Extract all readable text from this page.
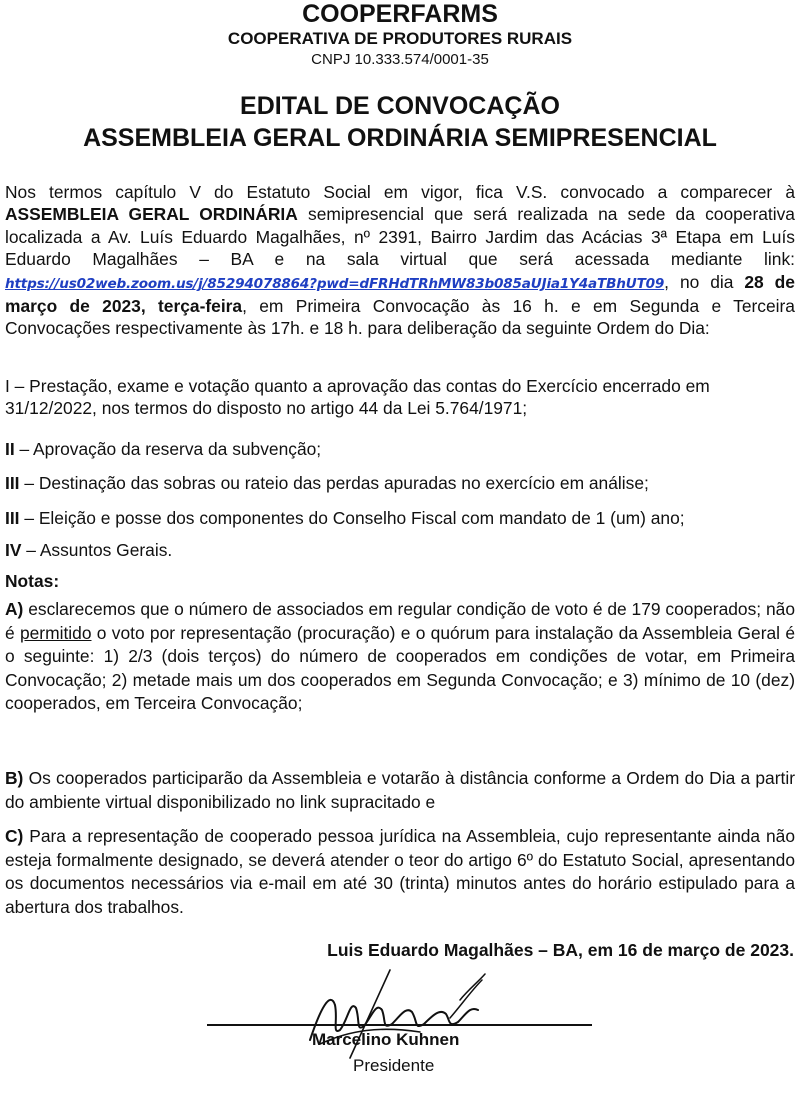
COOPERFARMS
COOPERATIVA DE PRODUTORES RURAIS
CNPJ 10.333.574/0001-35
EDITAL DE CONVOCAÇÃO
ASSEMBLEIA GERAL ORDINÁRIA SEMIPRESENCIAL
Nos termos capítulo V do Estatuto Social em vigor, fica V.S. convocado a comparecer à ASSEMBLEIA GERAL ORDINÁRIA semipresencial que será realizada na sede da cooperativa localizada a Av. Luís Eduardo Magalhães, nº 2391, Bairro Jardim das Acácias 3ª Etapa em Luís Eduardo Magalhães – BA e na sala virtual que será acessada mediante link: https://us02web.zoom.us/j/85294078864?pwd=dFRHdTRhMW83b085aUJia1Y4aTBhUT09, no dia 28 de março de 2023, terça-feira, em Primeira Convocação às 16 h. e em Segunda e Terceira Convocações respectivamente às 17h. e 18 h. para deliberação da seguinte Ordem do Dia:
I – Prestação, exame e votação quanto a aprovação das contas do Exercício encerrado em 31/12/2022, nos termos do disposto no artigo 44 da Lei 5.764/1971;
II – Aprovação da reserva da subvenção;
III – Destinação das sobras ou rateio das perdas apuradas no exercício em análise;
III – Eleição e posse dos componentes do Conselho Fiscal com mandato de 1 (um) ano;
IV – Assuntos Gerais.
Notas:
A) esclarecemos que o número de associados em regular condição de voto é de 179 cooperados; não é permitido o voto por representação (procuração) e o quórum para instalação da Assembleia Geral é o seguinte: 1) 2/3 (dois terços) do número de cooperados em condições de votar, em Primeira Convocação; 2) metade mais um dos cooperados em Segunda Convocação; e 3) mínimo de 10 (dez) cooperados, em Terceira Convocação;
B) Os cooperados participarão da Assembleia e votarão à distância conforme a Ordem do Dia a partir do ambiente virtual disponibilizado no link supracitado e
C) Para a representação de cooperado pessoa jurídica na Assembleia, cujo representante ainda não esteja formalmente designado, se deverá atender o teor do artigo 6º do Estatuto Social, apresentando os documentos necessários via e-mail em até 30 (trinta) minutos antes do horário estipulado para a abertura dos trabalhos.
Luis Eduardo Magalhães – BA, em 16 de março de 2023.
Marcelino Kuhnen
Presidente
